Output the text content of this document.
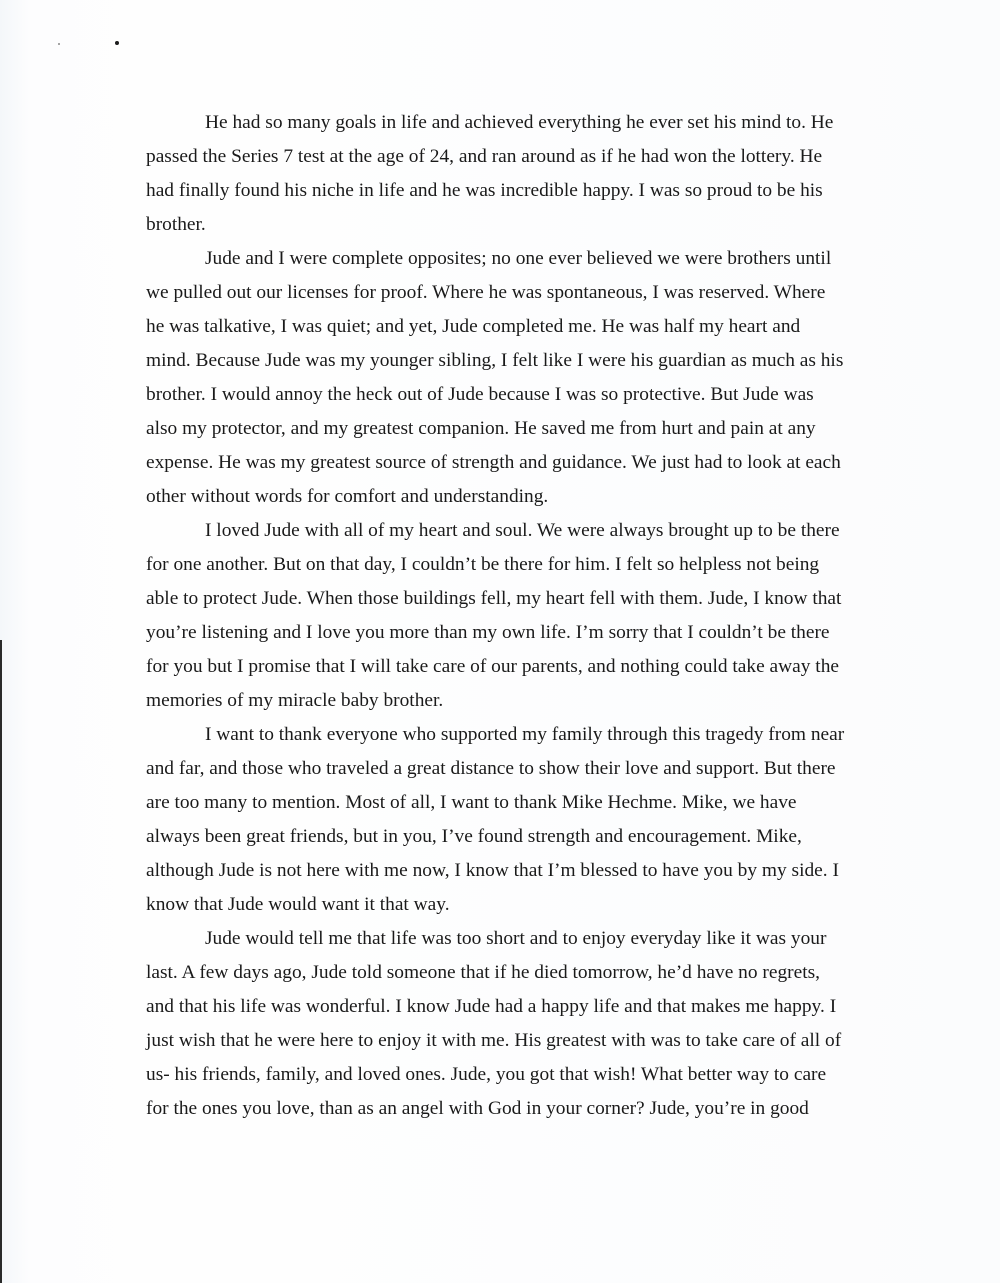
He had so many goals in life and achieved everything he ever set his mind to. He
passed the Series 7 test at the age of 24, and ran around as if he had won the lottery. He
had finally found his niche in life and he was incredible happy. I was so proud to be his
brother.
Jude and I were complete opposites; no one ever believed we were brothers until
we pulled out our licenses for proof. Where he was spontaneous, I was reserved. Where
he was talkative, I was quiet; and yet, Jude completed me. He was half my heart and
mind. Because Jude was my younger sibling, I felt like I were his guardian as much as his
brother. I would annoy the heck out of Jude because I was so protective. But Jude was
also my protector, and my greatest companion. He saved me from hurt and pain at any
expense. He was my greatest source of strength and guidance. We just had to look at each
other without words for comfort and understanding.
I loved Jude with all of my heart and soul. We were always brought up to be there
for one another. But on that day, I couldn’t be there for him. I felt so helpless not being
able to protect Jude. When those buildings fell, my heart fell with them. Jude, I know that
you’re listening and I love you more than my own life. I’m sorry that I couldn’t be there
for you but I promise that I will take care of our parents, and nothing could take away the
memories of my miracle baby brother.
I want to thank everyone who supported my family through this tragedy from near
and far, and those who traveled a great distance to show their love and support. But there
are too many to mention. Most of all, I want to thank Mike Hechme. Mike, we have
always been great friends, but in you, I’ve found strength and encouragement. Mike,
although Jude is not here with me now, I know that I’m blessed to have you by my side. I
know that Jude would want it that way.
Jude would tell me that life was too short and to enjoy everyday like it was your
last. A few days ago, Jude told someone that if he died tomorrow, he’d have no regrets,
and that his life was wonderful. I know Jude had a happy life and that makes me happy. I
just wish that he were here to enjoy it with me. His greatest with was to take care of all of
us- his friends, family, and loved ones. Jude, you got that wish! What better way to care
for the ones you love, than as an angel with God in your corner? Jude, you’re in good
